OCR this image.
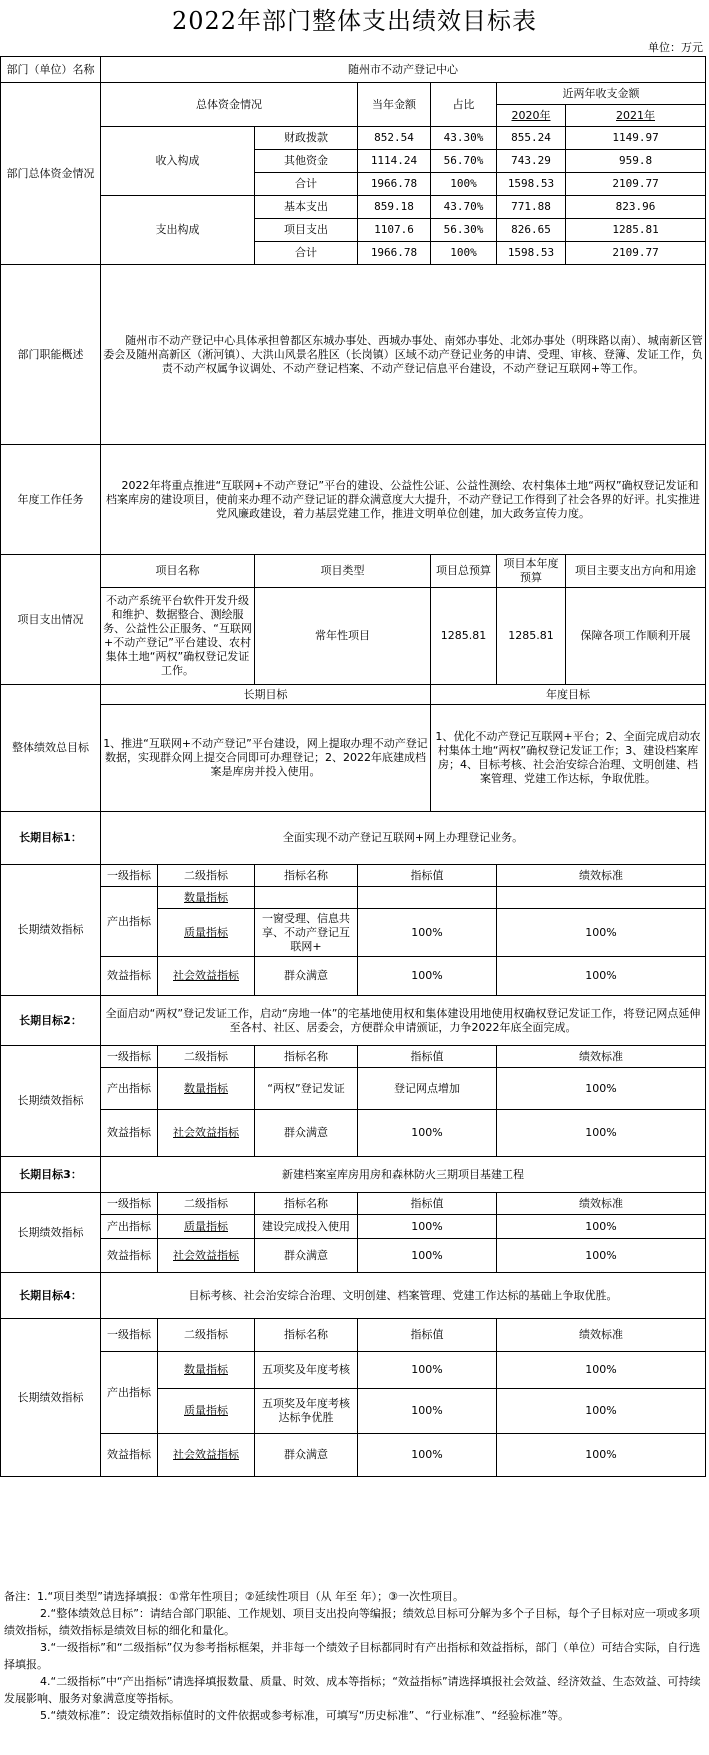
2022年部门整体支出绩效目标表
单位：万元
部门（单位）名称	随州市不动产登记中心						
部门总体资金情况	总体资金情况			当年金额	占比	近两年收支金额	
						2020年	2021年
	收入构成		财政拨款	852.54	43.30%	855.24	1149.97
			其他资金	1114.24	56.70%	743.29	959.8
			合计	1966.78	100%	1598.53	2109.77
	支出构成		基本支出	859.18	43.70%	771.88	823.96
			项目支出	1107.6	56.30%	826.65	1285.81
			合计	1966.78	100%	1598.53	2109.77
部门职能概述	随州市不动产登记中心具体承担曾都区东城办事处、西城办事处、南郊办事处、北郊办事处（明珠路以南）、城南新区管委会及随州高新区（淅河镇）、大洪山风景名胜区（长岗镇）区域不动产登记业务的申请、受理、审核、登簿、发证工作，负责不动产权属争议调处、不动产登记档案、不动产登记信息平台建设，不动产登记互联网+等工作。						
年度工作任务	2022年将重点推进“互联网+不动产登记”平台的建设、公益性公证、公益性测绘、农村集体土地“两权”确权登记发证和档案库房的建设项目，使前来办理不动产登记证的群众满意度大大提升，不动产登记工作得到了社会各界的好评。扎实推进党风廉政建设，着力基层党建工作，推进文明单位创建，加大政务宣传力度。						
项目支出情况	项目名称		项目类型		项目总预算	项目本年度预算	项目主要支出方向和用途
	不动产系统平台软件开发升级和维护、数据整合、测绘服务、公益性公正服务、“互联网+不动产登记”平台建设、农村集体土地“两权”确权登记发证工作。		常年性项目		1285.81	1285.81	保障各项工作顺利开展
整体绩效总目标	长期目标				年度目标		
	1、推进“互联网+不动产登记”平台建设，网上提取办理不动产登记数据，实现群众网上提交合同即可办理登记；2、2022年底建成档案是库房并投入使用。				1、优化不动产登记互联网+平台；2、全面完成启动农村集体土地“两权”确权登记发证工作；3、建设档案库房；4、目标考核、社会治安综合治理、文明创建、档案管理、党建工作达标，争取优胜。		
长期目标1：	全面实现不动产登记互联网+网上办理登记业务。						
长期绩效指标	一级指标	二级指标	指标名称	指标值		绩效标准	
	产出指标	数量指标					
		质量指标	一窗受理、信息共享、不动产登记互联网+	100%		100%	
	效益指标	社会效益指标	群众满意	100%		100%	
长期目标2：	全面启动“两权”登记发证工作，启动“房地一体”的宅基地使用权和集体建设用地使用权确权登记发证工作，将登记网点延伸至各村、社区、居委会，方便群众申请颁证，力争2022年底全面完成。						
长期绩效指标	一级指标	二级指标	指标名称	指标值		绩效标准	
	产出指标	数量指标	“两权”登记发证	登记网点增加		100%	
	效益指标	社会效益指标	群众满意	100%		100%	
长期目标3：	新建档案室库房用房和森林防火三期项目基建工程						
长期绩效指标	一级指标	二级指标	指标名称	指标值		绩效标准	
	产出指标	质量指标	建设完成投入使用	100%		100%	
	效益指标	社会效益指标	群众满意	100%		100%	
长期目标4：	目标考核、社会治安综合治理、文明创建、档案管理、党建工作达标的基础上争取优胜。						
长期绩效指标	一级指标	二级指标	指标名称	指标值		绩效标准	
	产出指标	数量指标	五项奖及年度考核	100%		100%	
		质量指标	五项奖及年度考核达标争优胜	100%		100%	
	效益指标	社会效益指标	群众满意	100%		100%	
备注：1.“项目类型”请选择填报：①常年性项目；②延续性项目（从 年至 年）；③一次性项目。
2.“整体绩效总目标”：请结合部门职能、工作规划、项目支出投向等编报；绩效总目标可分解为多个子目标，每个子目标对应一项或多项绩效指标，绩效指标是绩效目标的细化和量化。
3.“一级指标”和“二级指标”仅为参考指标框架，并非每一个绩效子目标都同时有产出指标和效益指标，部门（单位）可结合实际，自行选择填报。
4.“二级指标”中“产出指标”请选择填报数量、质量、时效、成本等指标；“效益指标”请选择填报社会效益、经济效益、生态效益、可持续发展影响、服务对象满意度等指标。
5.“绩效标准”：设定绩效指标值时的文件依据或参考标准，可填写“历史标准”、“行业标准”、“经验标准”等。
